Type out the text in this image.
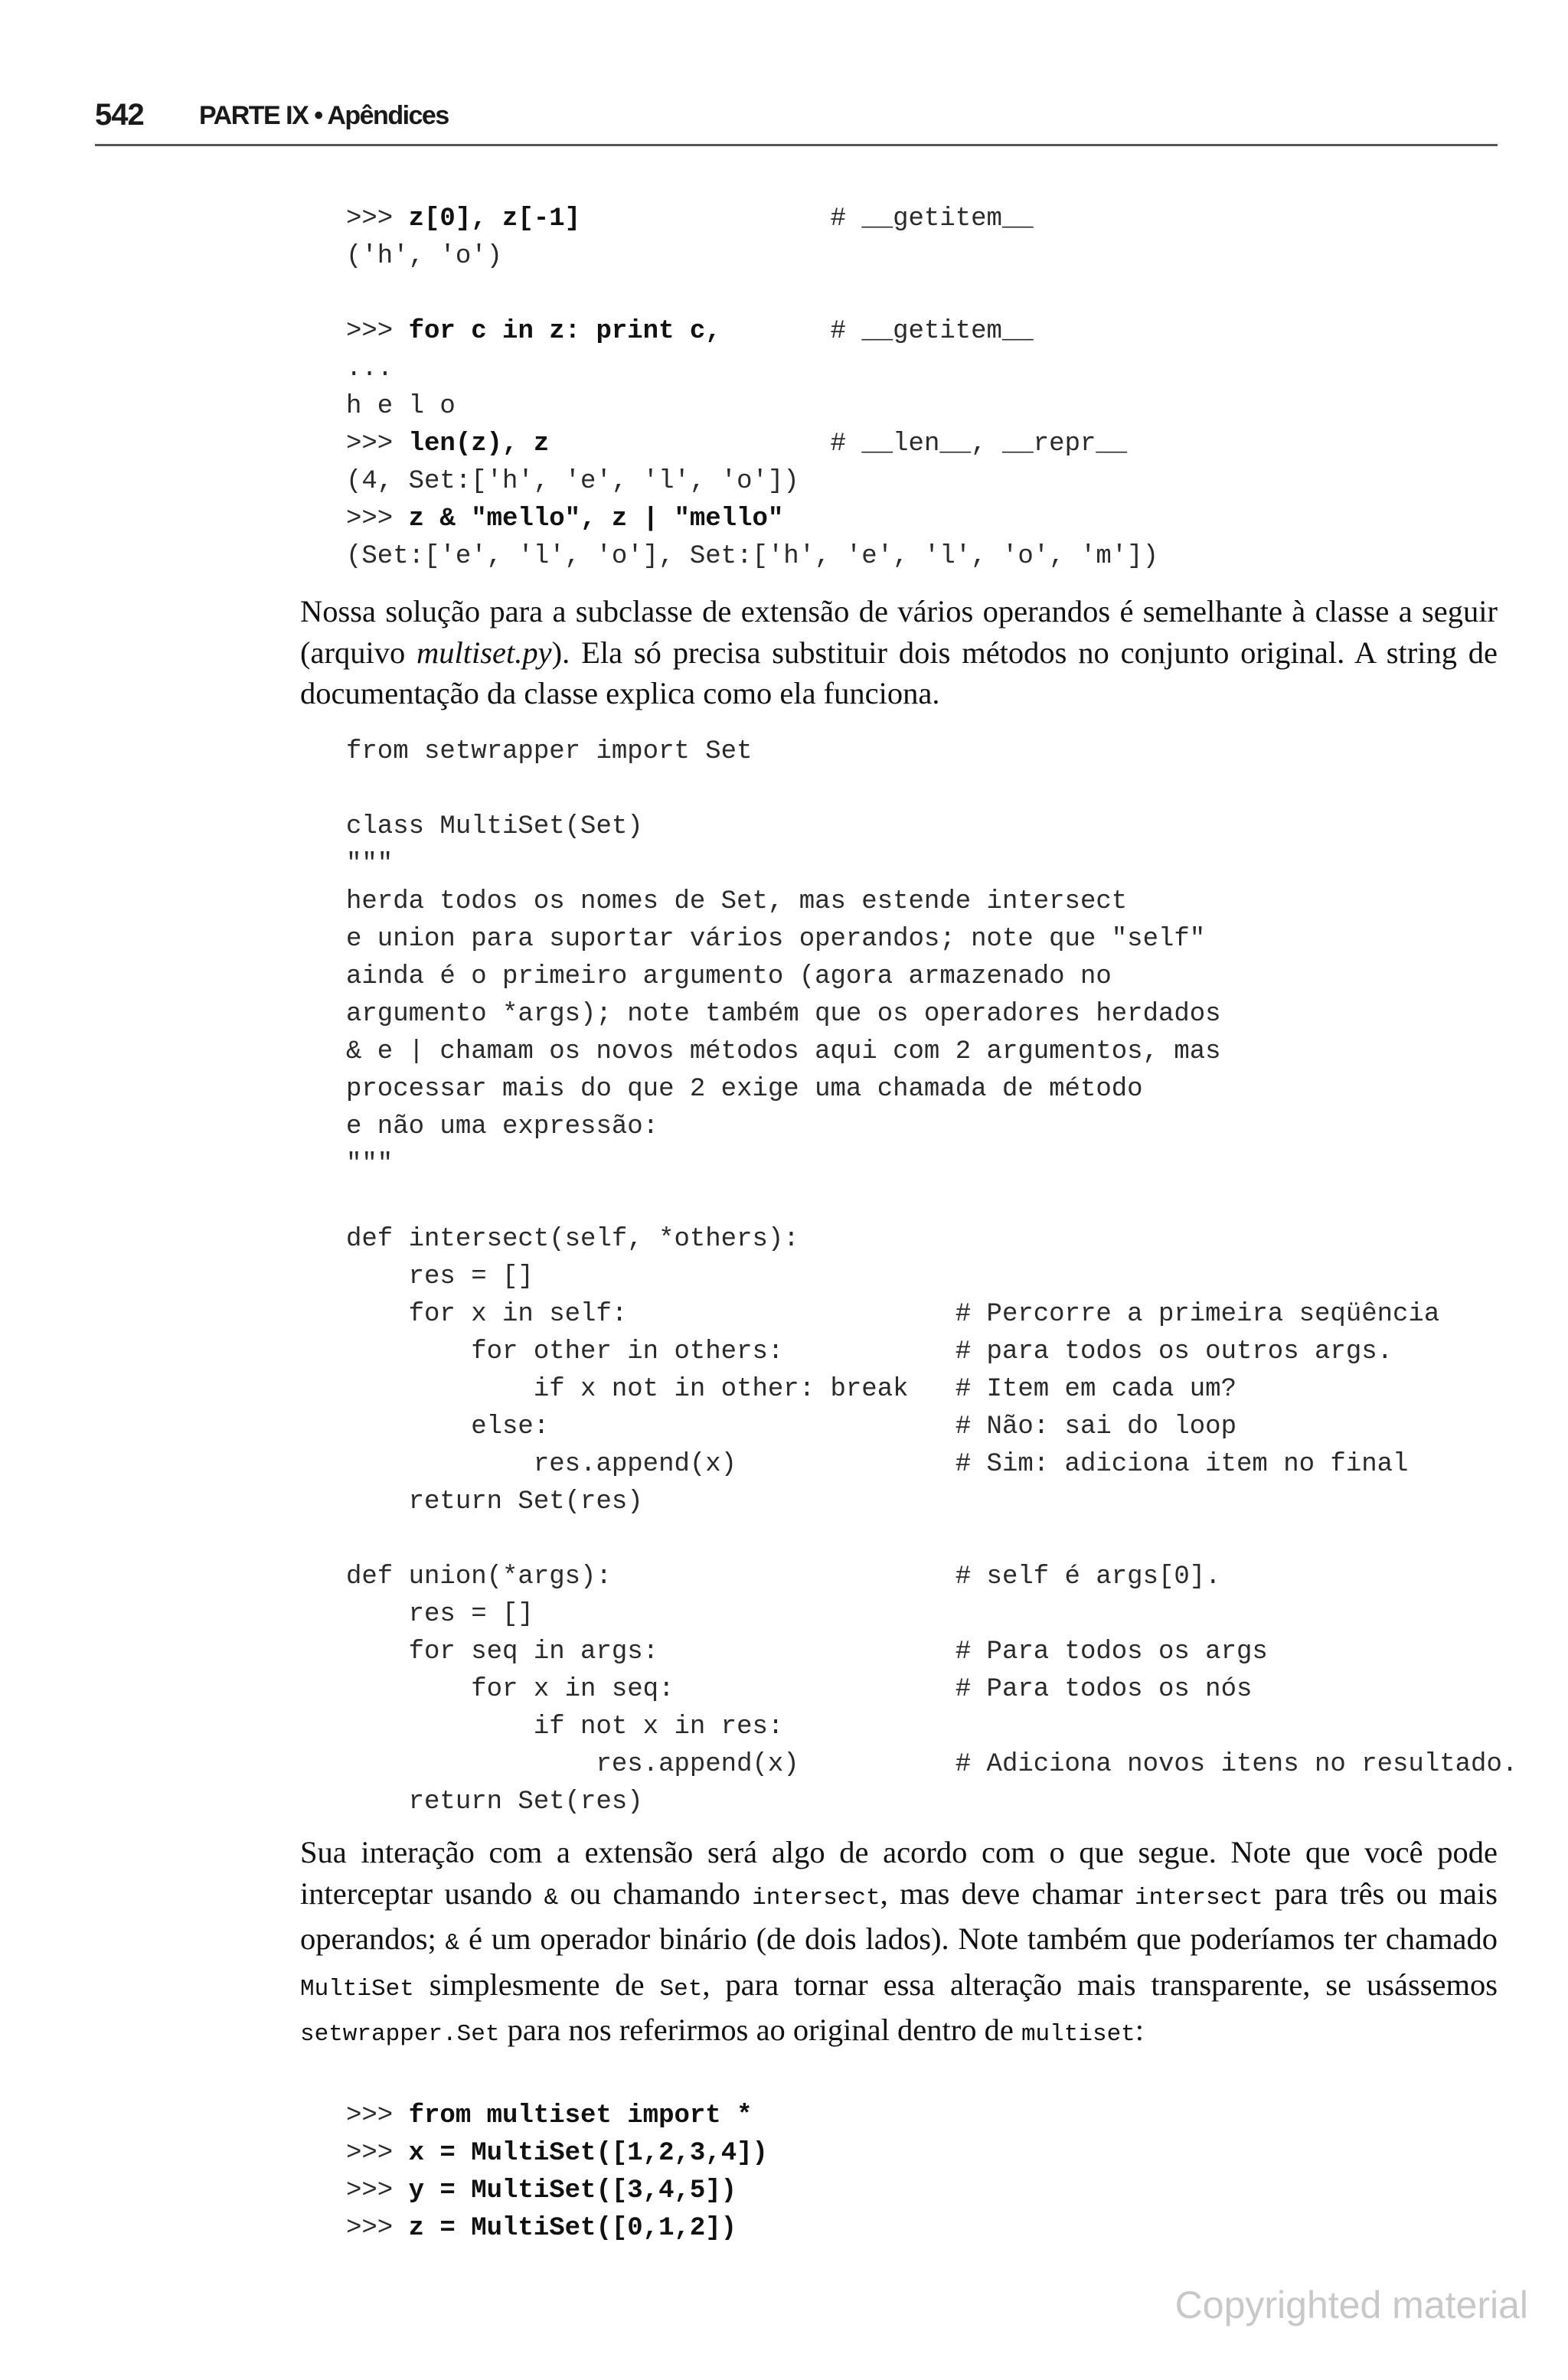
542 PARTE IX • Apêndices
>>> z[0], z[-1]                # __getitem__
('h', 'o')
>>> for c in z: print c,       # __getitem__
...
h e l o
>>> len(z), z                  # __len__, __repr__
(4, Set:['h', 'e', 'l', 'o'])
>>> z & "mello", z | "mello"
(Set:['e', 'l', 'o'], Set:['h', 'e', 'l', 'o', 'm'])

Nossa solução para a subclasse de extensão de vários operandos é semelhante à classe a seguir (arquivo multiset.py). Ela só precisa substituir dois métodos no conjunto original. A string de documentação da classe explica como ela funciona.

from setwrapper import Set
class MultiSet(Set)
"""
herda todos os nomes de Set, mas estende intersect
e union para suportar vários operandos; note que "self"
ainda é o primeiro argumento (agora armazenado no
argumento *args); note também que os operadores herdados
& e | chamam os novos métodos aqui com 2 argumentos, mas
processar mais do que 2 exige uma chamada de método
e não uma expressão:
"""
def intersect(self, *others):
res = []
for x in self:                     # Percorre a primeira seqüência
for other in others:           # para todos os outros args.
if x not in other: break   # Item em cada um?
else:                          # Não: sai do loop
res.append(x)              # Sim: adiciona item no final
return Set(res)
def union(*args):                      # self é args[0].
res = []
for seq in args:                   # Para todos os args
for x in seq:                  # Para todos os nós
if not x in res:
res.append(x)          # Adiciona novos itens no resultado.
return Set(res)

Sua interação com a extensão será algo de acordo com o que segue. Note que você pode interceptar usando & ou chamando intersect, mas deve chamar intersect para três ou mais operandos; & é um operador binário (de dois lados). Note também que poderíamos ter chamado MultiSet simplesmente de Set, para tornar essa alteração mais transparente, se usássemos setwrapper.Set para nos referirmos ao original dentro de multiset:

>>> from multiset import *
>>> x = MultiSet([1,2,3,4])
>>> y = MultiSet([3,4,5])
>>> z = MultiSet([0,1,2])
Copyrighted material
